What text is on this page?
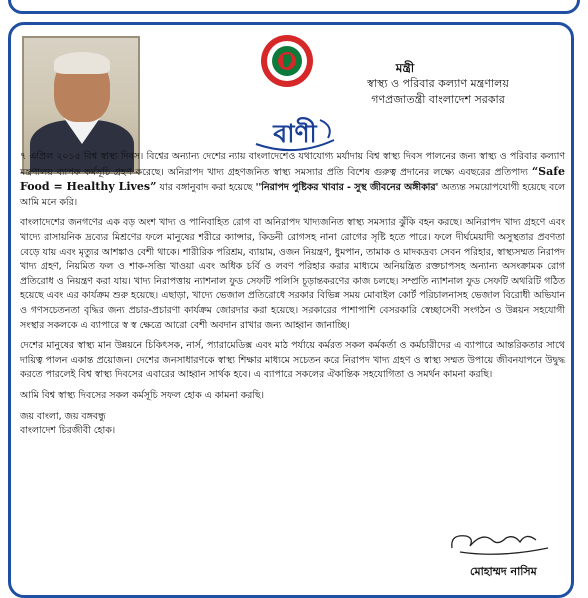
মন্ত্রী
স্বাস্থ্য ও পরিবার কল্যাণ মন্ত্রণালয়
গণপ্রজাতন্ত্রী বাংলাদেশ সরকার
বাণী

৭ এপ্রিল ২০১৫ বিশ্ব স্বাস্থ্য দিবস। বিশ্বের অন্যান্য দেশের ন্যায় বাংলাদেশেও যথাযোগ্য মর্যাদায় বিশ্ব স্বাস্থ্য দিবস পালনের জন্য স্বাস্থ্য ও পরিবার কল্যাণ মন্ত্রণালয় ব্যাপক কর্মসূচি গ্রহণ করেছে। অনিরাপদ খাদ্য গ্রহণজনিত স্বাস্থ্য সমস্যার প্রতি বিশেষ গুরুত্ব প্রদানের লক্ষ্যে এবছরের প্রতিপাদ্য “Safe Food = Healthy Lives” যার বঙ্গানুবাদ করা হয়েছে ''নিরাপদ পুষ্টিকর খাবার - সুস্থ জীবনের অঙ্গীকার' অত্যন্ত সময়োপযোগী হয়েছে বলে আমি মনে করি।

বাংলাদেশের জনগণের এক বড় অংশ খাদ্য ও পানিবাহিত রোগ বা অনিরাপদ খাদ্যজনিত স্বাস্থ্য সমস্যার ঝুঁকি বহন করছে। অনিরাপদ খাদ্য গ্রহণে এবং খাদ্যে রাসায়নিক দ্রব্যের মিশ্রণের ফলে মানুষের শরীরে ক্যান্সার, কিডনী রোগসহ নানা রোগের সৃষ্টি হতে পারে। ফলে দীর্ঘমেয়াদী অসুস্থতার প্রবণতা বেড়ে যায় এবং মৃত্যুর আশঙ্কাও বেশী থাকে। শারীরিক পরিশ্রম, ব্যায়াম, ওজন নিয়ন্ত্রণ, ধুমপান, তামাক ও মাদকদ্রব্য সেবন পরিহার, স্বাস্থ্যসম্মত নিরাপদ খাদ্য গ্রহণ, নিয়মিত ফল ও শাক-সব্জি খাওয়া এবং অধিক চর্বি ও লবণ পরিহার করার মাধ্যমে অনিয়ন্ত্রিত রক্তচাপসহ অন্যান্য অসংক্রামক রোগ প্রতিরোধ ও নিয়ন্ত্রণ করা যায়। খাদ্য নিরাপত্তায় ন্যাশনাল ফুড সেফটি পলিসি চূড়ান্তকরণের কাজ চলছে। সম্প্রতি ন্যাশনাল ফুড সেফটি অথরিটি গঠিত হয়েছে এবং এর কার্যক্রম শুরু হয়েছে। এছাড়া, খাদ্যে ভেজাল প্রতিরোধে সরকার বিভিন্ন সময় মোবাইল কোর্ট পরিচালনাসহ ভেজাল বিরোধী অভিযান ও গণসচেতনতা বৃদ্ধির জন্য প্রচার-প্রচারণা কার্যক্রম জোরদার করা হয়েছে। সরকারের পাশাপাশি বেসরকারি স্বেচ্ছাসেবী সংগঠন ও উন্নয়ন সহযোগী সংস্থার সকলকে এ ব্যাপারে স্ব স্ব ক্ষেত্রে আরো বেশী অবদান রাখার জন্য আহ্বান জানাচ্ছি।

দেশের মানুষের স্বাস্থ্য মান উন্নয়নে চিকিৎসক, নার্স, প্যারামেডিক্স এবং মাঠ পর্যায়ে কর্মরত সকল কর্মকর্তা ও কর্মচারীদের এ ব্যাপারে আন্তরিকতার সাথে দায়িত্ব পালন একান্ত প্রয়োজন। দেশের জনসাধারণকে স্বাস্থ্য শিক্ষার মাধ্যমে সচেতন করে নিরাপদ খাদ্য গ্রহণ ও স্বাস্থ্য সম্মত উপায়ে জীবনযাপনে উদ্বুদ্ধ করতে পারলেই বিশ্ব স্বাস্থ্য দিবসের এবারের আহ্বান সার্থক হবে। এ ব্যাপারে সকলের ঐকান্তিক সহযোগিতা ও সমর্থন কামনা করছি।

আমি বিশ্ব স্বাস্থ্য দিবসের সকল কর্মসূচি সফল হোক এ কামনা করছি।

জয় বাংলা, জয় বঙ্গবন্ধু

বাংলাদেশ চিরজীবী হোক।

মোহাম্মদ নাসিম
